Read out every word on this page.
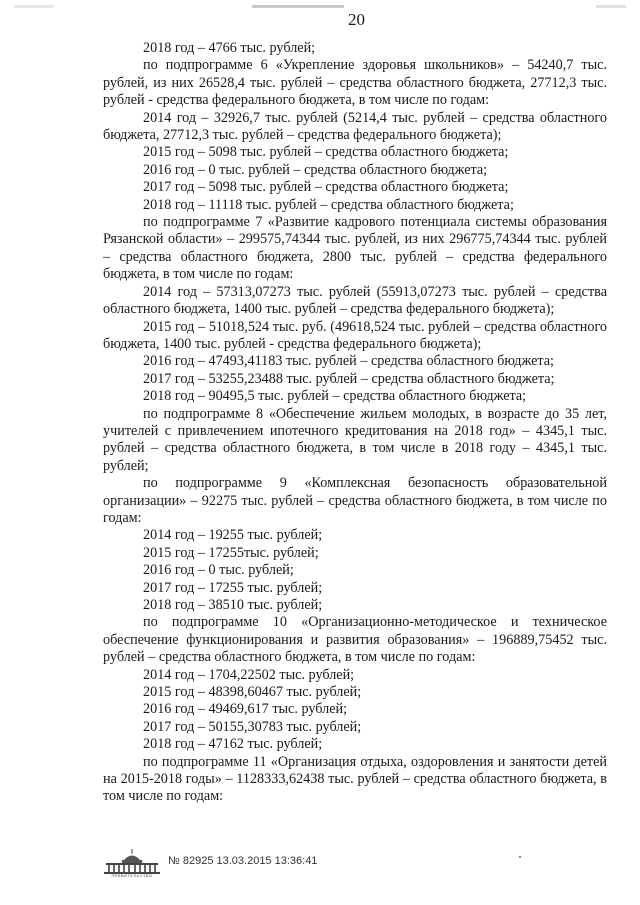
20

2018 год – 4766 тыс. рублей;

по подпрограмме 6 «Укрепление здоровья школьников» – 54240,7 тыс. рублей, из них 26528,4 тыс. рублей – средства областного бюджета, 27712,3 тыс. рублей - средства федерального бюджета, в том числе по годам:

2014 год – 32926,7 тыс. рублей (5214,4 тыс. рублей – средства областного бюджета, 27712,3 тыс. рублей – средства федерального бюджета);

2015 год – 5098 тыс. рублей – средства областного бюджета;

2016 год – 0 тыс. рублей – средства областного бюджета;

2017 год – 5098 тыс. рублей – средства областного бюджета;

2018 год – 11118 тыс. рублей – средства областного бюджета;

по подпрограмме 7 «Развитие кадрового потенциала системы образования Рязанской области» – 299575,74344 тыс. рублей, из них 296775,74344 тыс. рублей – средства областного бюджета, 2800 тыс. рублей – средства федерального бюджета, в том числе по годам:

2014 год – 57313,07273 тыс. рублей (55913,07273 тыс. рублей – средства областного бюджета, 1400 тыс. рублей – средства федерального бюджета);

2015 год – 51018,524 тыс. руб. (49618,524 тыс. рублей – средства областного бюджета, 1400 тыс. рублей - средства федерального бюджета);

2016 год – 47493,41183 тыс. рублей – средства областного бюджета;

2017 год – 53255,23488 тыс. рублей – средства областного бюджета;

2018 год – 90495,5 тыс. рублей – средства областного бюджета;

по подпрограмме 8 «Обеспечение жильем молодых, в возрасте до 35 лет, учителей с привлечением ипотечного кредитования на 2018 год» – 4345,1 тыс. рублей – средства областного бюджета, в том числе в 2018 году – 4345,1 тыс. рублей;

по подпрограмме 9 «Комплексная безопасность образовательной организации» – 92275 тыс. рублей – средства областного бюджета, в том числе по годам:

2014 год – 19255 тыс. рублей;

2015 год – 17255тыс. рублей;

2016 год – 0 тыс. рублей;

2017 год – 17255 тыс. рублей;

2018 год – 38510 тыс. рублей;

по подпрограмме 10 «Организационно-методическое и техническое обеспечение функционирования и развития образования» – 196889,75452 тыс. рублей – средства областного бюджета, в том числе по годам:

2014 год – 1704,22502 тыс. рублей;

2015 год – 48398,60467 тыс. рублей;

2016 год – 49469,617 тыс. рублей;

2017 год – 50155,30783 тыс. рублей;

2018 год – 47162 тыс. рублей;

по подпрограмме 11 «Организация отдыха, оздоровления и занятости детей на 2015-2018 годы» – 1128333,62438 тыс. рублей – средства областного бюджета, в том числе по годам:

ПРАВИТЕЛЬСТВО
№ 82925 13.03.2015 13:36:41
